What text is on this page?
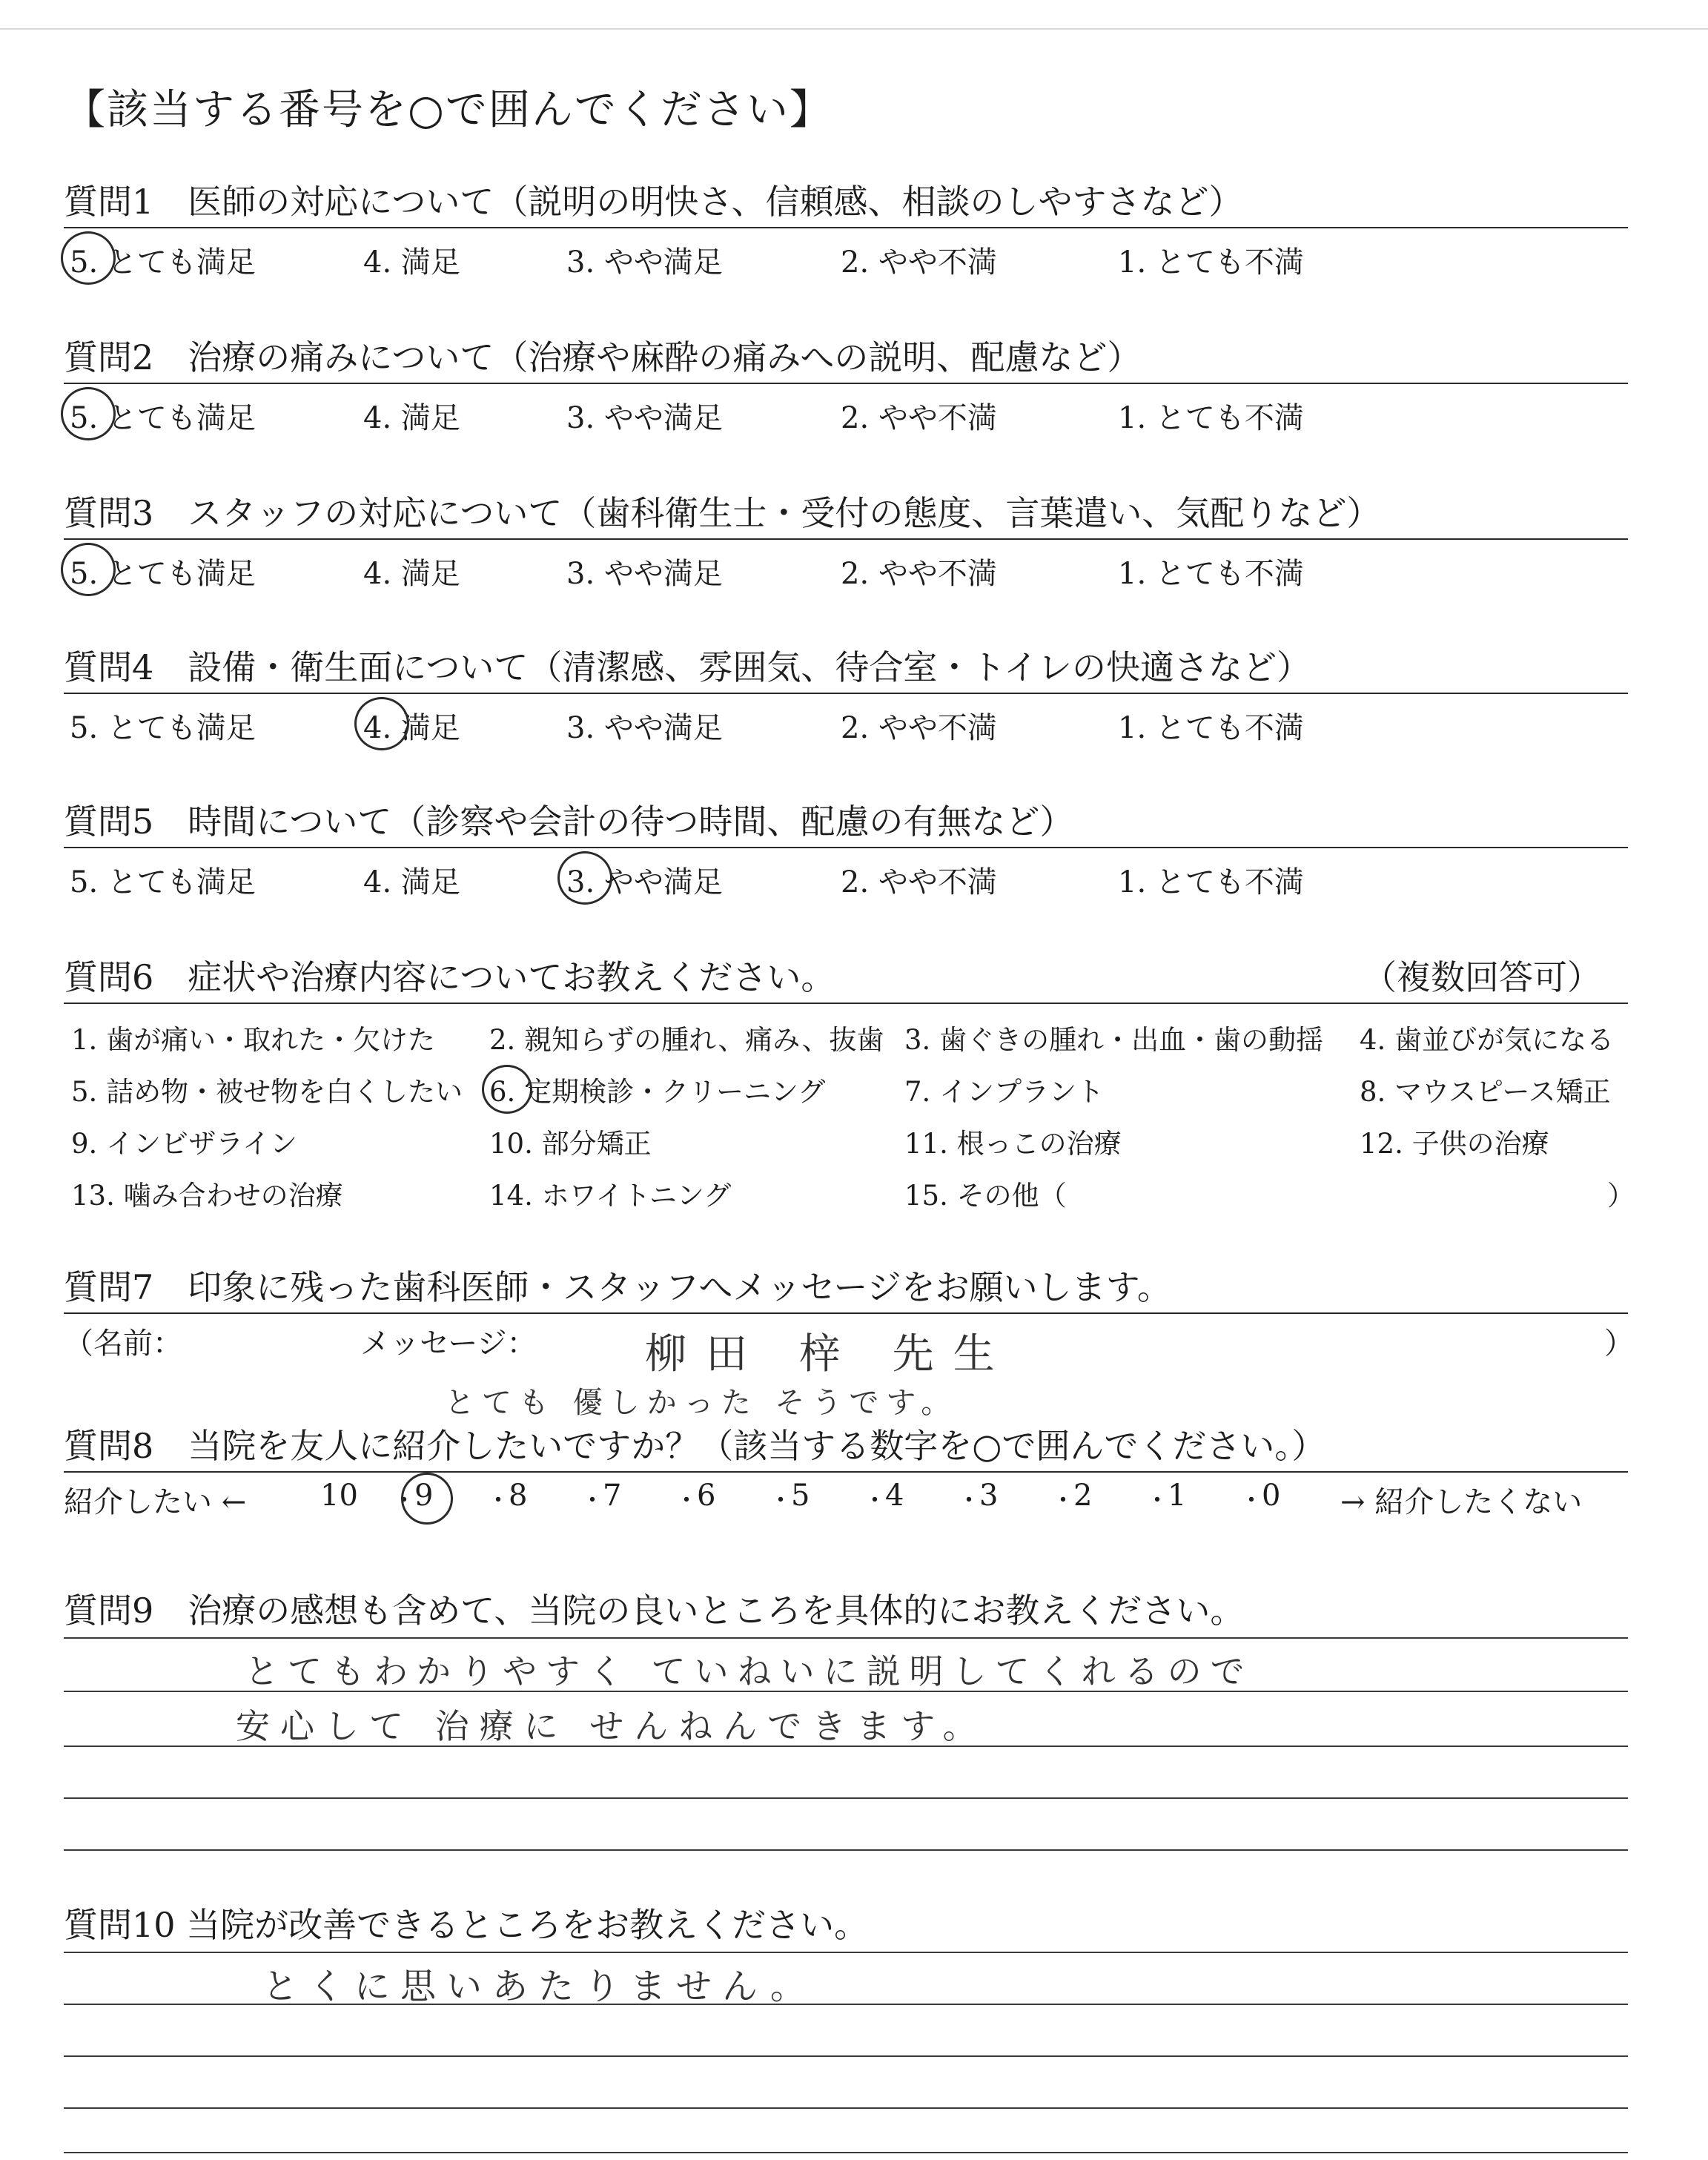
【該当する番号を○で囲んでください】
質問1　医師の対応について（説明の明快さ、信頼感、相談のしやすさなど）
5. とても満足	4. 満足	3. やや満足	2. やや不満	1. とても不満
質問2　治療の痛みについて（治療や麻酔の痛みへの説明、配慮など）
5. とても満足	4. 満足	3. やや満足	2. やや不満	1. とても不満
質問3　スタッフの対応について（歯科衛生士・受付の態度、言葉遣い、気配りなど）
5. とても満足	4. 満足	3. やや満足	2. やや不満	1. とても不満
質問4　設備・衛生面について（清潔感、雰囲気、待合室・トイレの快適さなど）
5. とても満足	4. 満足	3. やや満足	2. やや不満	1. とても不満
質問5　時間について（診察や会計の待つ時間、配慮の有無など）
5. とても満足	4. 満足	3. やや満足	2. やや不満	1. とても不満
質問6　症状や治療内容についてお教えください。	（複数回答可）
1. 歯が痛い・取れた・欠けた 2. 親知らずの腫れ、痛み、抜歯 3. 歯ぐきの腫れ・出血・歯の動揺 4. 歯並びが気になる
5. 詰め物・被せ物を白くしたい 6. 定期検診・クリーニング	7. インプラント	8. マウスピース矯正
9. インビザライン	10. 部分矯正	11. 根っこの治療	12. 子供の治療
13. 噛み合わせの治療	14. ホワイトニング	15. その他（	）
質問7　印象に残った歯科医師・スタッフへメッセージをお願いします。
（名前：	メッセージ：	）
柳田 梓 先生
とても 優しかった そうです。
質問8　当院を友人に紹介したいですか？（該当する数字を○で囲んでください。）
紹介したい ←	→ 紹介したくない
10 ・
9 ・
8 ・
7 ・
6 ・
5 ・
4 ・
3 ・
2 ・
1 ・
0
質問9　治療の感想も含めて、当院の良いところを具体的にお教えください。
とてもわかりやすく ていねいに説明してくれるので
安心して 治療に せんねんできます。
質問10 当院が改善できるところをお教えください。
とくに思いあたりません。
